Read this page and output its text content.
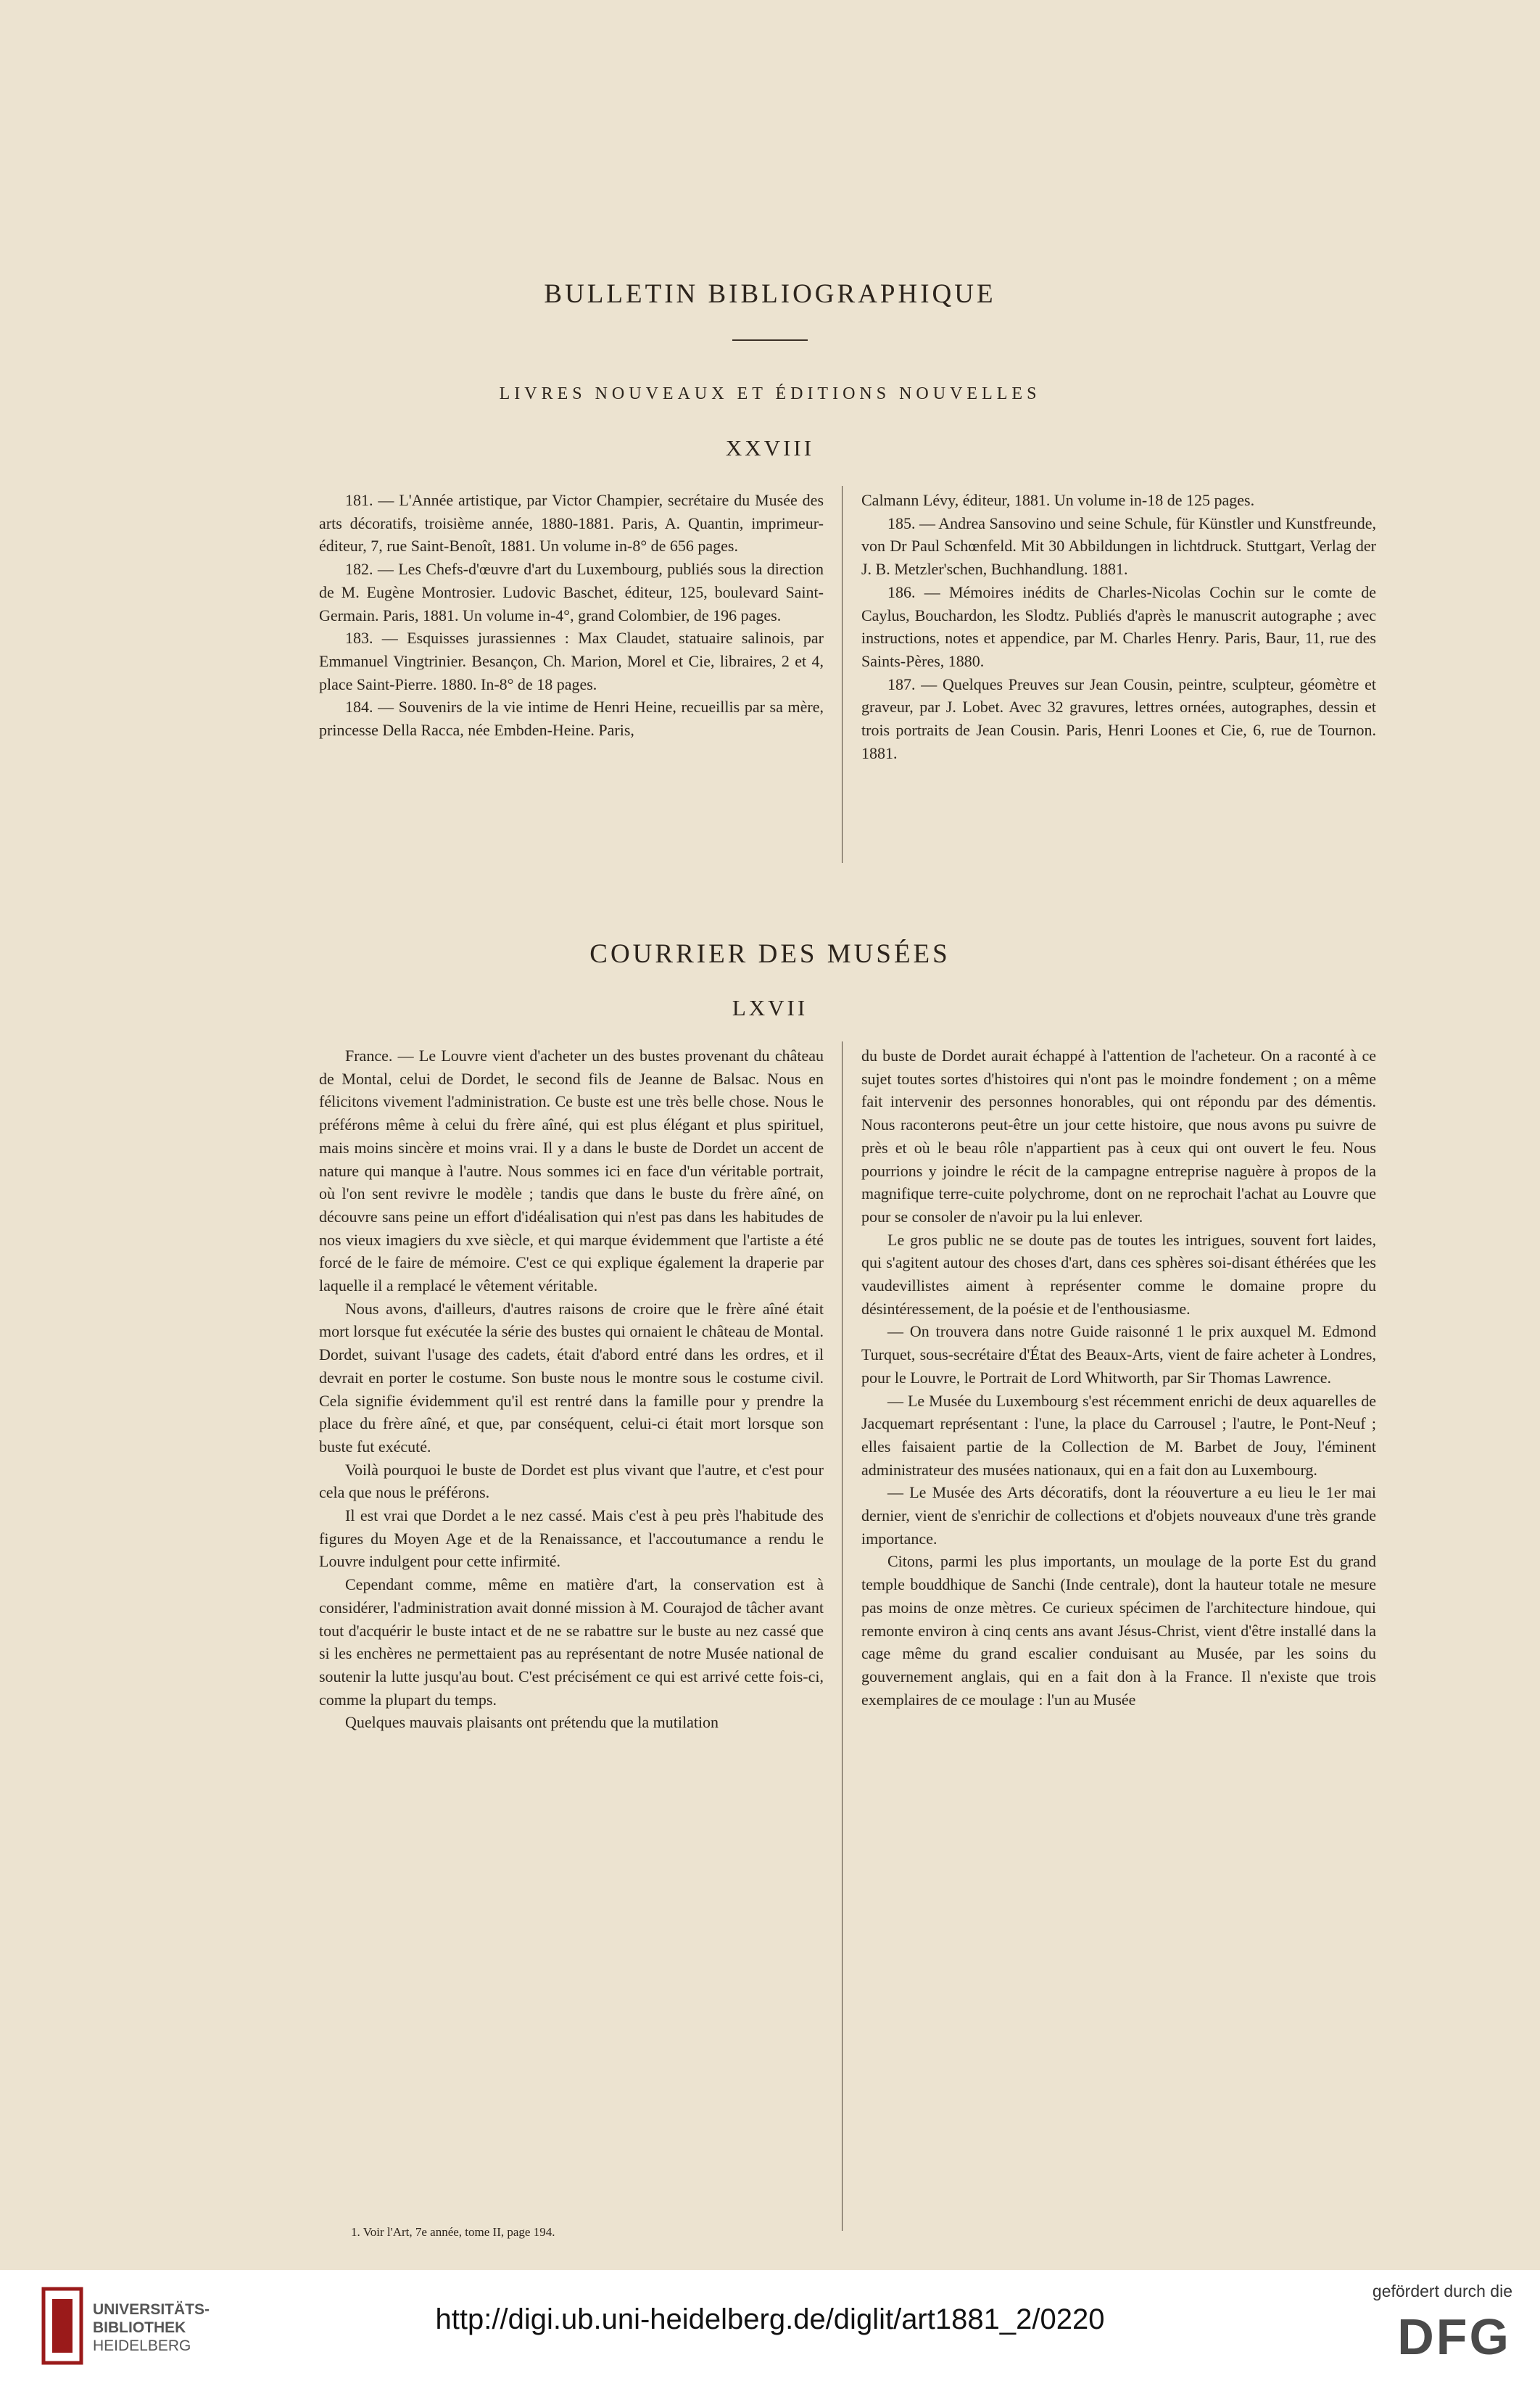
BULLETIN BIBLIOGRAPHIQUE
LIVRES NOUVEAUX ET ÉDITIONS NOUVELLES
XXVIII

181. — L'Année artistique, par Victor Champier, secrétaire du Musée des arts décoratifs, troisième année, 1880-1881. Paris, A. Quantin, imprimeur-éditeur, 7, rue Saint-Benoît, 1881. Un volume in-8° de 656 pages.

182. — Les Chefs-d'œuvre d'art du Luxembourg, publiés sous la direction de M. Eugène Montrosier. Ludovic Baschet, éditeur, 125, boulevard Saint-Germain. Paris, 1881. Un volume in-4°, grand Colombier, de 196 pages.

183. — Esquisses jurassiennes : Max Claudet, statuaire salinois, par Emmanuel Vingtrinier. Besançon, Ch. Marion, Morel et Cie, libraires, 2 et 4, place Saint-Pierre. 1880. In-8° de 18 pages.

184. — Souvenirs de la vie intime de Henri Heine, recueillis par sa mère, princesse Della Racca, née Embden-Heine. Paris,

Calmann Lévy, éditeur, 1881. Un volume in-18 de 125 pages.

185. — Andrea Sansovino und seine Schule, für Künstler und Kunstfreunde, von Dr Paul Schœnfeld. Mit 30 Abbildungen in lichtdruck. Stuttgart, Verlag der J. B. Metzler'schen, Buchhandlung. 1881.

186. — Mémoires inédits de Charles-Nicolas Cochin sur le comte de Caylus, Bouchardon, les Slodtz. Publiés d'après le manuscrit autographe ; avec instructions, notes et appendice, par M. Charles Henry. Paris, Baur, 11, rue des Saints-Pères, 1880.

187. — Quelques Preuves sur Jean Cousin, peintre, sculpteur, géomètre et graveur, par J. Lobet. Avec 32 gravures, lettres ornées, autographes, dessin et trois portraits de Jean Cousin. Paris, Henri Loones et Cie, 6, rue de Tournon. 1881.

COURRIER DES MUSÉES
LXVII

France. — Le Louvre vient d'acheter un des bustes provenant du château de Montal, celui de Dordet, le second fils de Jeanne de Balsac. Nous en félicitons vivement l'administration. Ce buste est une très belle chose. Nous le préférons même à celui du frère aîné, qui est plus élégant et plus spirituel, mais moins sincère et moins vrai. Il y a dans le buste de Dordet un accent de nature qui manque à l'autre. Nous sommes ici en face d'un véritable portrait, où l'on sent revivre le modèle ; tandis que dans le buste du frère aîné, on découvre sans peine un effort d'idéalisation qui n'est pas dans les habitudes de nos vieux imagiers du xve siècle, et qui marque évidemment que l'artiste a été forcé de le faire de mémoire. C'est ce qui explique également la draperie par laquelle il a remplacé le vêtement véritable.

Nous avons, d'ailleurs, d'autres raisons de croire que le frère aîné était mort lorsque fut exécutée la série des bustes qui ornaient le château de Montal. Dordet, suivant l'usage des cadets, était d'abord entré dans les ordres, et il devrait en porter le costume. Son buste nous le montre sous le costume civil. Cela signifie évidemment qu'il est rentré dans la famille pour y prendre la place du frère aîné, et que, par conséquent, celui-ci était mort lorsque son buste fut exécuté.

Voilà pourquoi le buste de Dordet est plus vivant que l'autre, et c'est pour cela que nous le préférons.

Il est vrai que Dordet a le nez cassé. Mais c'est à peu près l'habitude des figures du Moyen Age et de la Renaissance, et l'accoutumance a rendu le Louvre indulgent pour cette infirmité.

Cependant comme, même en matière d'art, la conservation est à considérer, l'administration avait donné mission à M. Courajod de tâcher avant tout d'acquérir le buste intact et de ne se rabattre sur le buste au nez cassé que si les enchères ne permettaient pas au représentant de notre Musée national de soutenir la lutte jusqu'au bout. C'est précisément ce qui est arrivé cette fois-ci, comme la plupart du temps.

Quelques mauvais plaisants ont prétendu que la mutilation

du buste de Dordet aurait échappé à l'attention de l'acheteur. On a raconté à ce sujet toutes sortes d'histoires qui n'ont pas le moindre fondement ; on a même fait intervenir des personnes honorables, qui ont répondu par des démentis. Nous raconterons peut-être un jour cette histoire, que nous avons pu suivre de près et où le beau rôle n'appartient pas à ceux qui ont ouvert le feu. Nous pourrions y joindre le récit de la campagne entreprise naguère à propos de la magnifique terre-cuite polychrome, dont on ne reprochait l'achat au Louvre que pour se consoler de n'avoir pu la lui enlever.

Le gros public ne se doute pas de toutes les intrigues, souvent fort laides, qui s'agitent autour des choses d'art, dans ces sphères soi-disant éthérées que les vaudevillistes aiment à représenter comme le domaine propre du désintéressement, de la poésie et de l'enthousiasme.

— On trouvera dans notre Guide raisonné 1 le prix auxquel M. Edmond Turquet, sous-secrétaire d'État des Beaux-Arts, vient de faire acheter à Londres, pour le Louvre, le Portrait de Lord Whitworth, par Sir Thomas Lawrence.

— Le Musée du Luxembourg s'est récemment enrichi de deux aquarelles de Jacquemart représentant : l'une, la place du Carrousel ; l'autre, le Pont-Neuf ; elles faisaient partie de la Collection de M. Barbet de Jouy, l'éminent administrateur des musées nationaux, qui en a fait don au Luxembourg.

— Le Musée des Arts décoratifs, dont la réouverture a eu lieu le 1er mai dernier, vient de s'enrichir de collections et d'objets nouveaux d'une très grande importance.

Citons, parmi les plus importants, un moulage de la porte Est du grand temple bouddhique de Sanchi (Inde centrale), dont la hauteur totale ne mesure pas moins de onze mètres. Ce curieux spécimen de l'architecture hindoue, qui remonte environ à cinq cents ans avant Jésus-Christ, vient d'être installé dans la cage même du grand escalier conduisant au Musée, par les soins du gouvernement anglais, qui en a fait don à la France. Il n'existe que trois exemplaires de ce moulage : l'un au Musée

1. Voir l'Art, 7e année, tome II, page 194.
UNIVERSITÄTS-
BIBLIOTHEK
HEIDELBERG
http://digi.ub.uni-heidelberg.de/diglit/art1881_2/0220
gefördert durch die
DFG
